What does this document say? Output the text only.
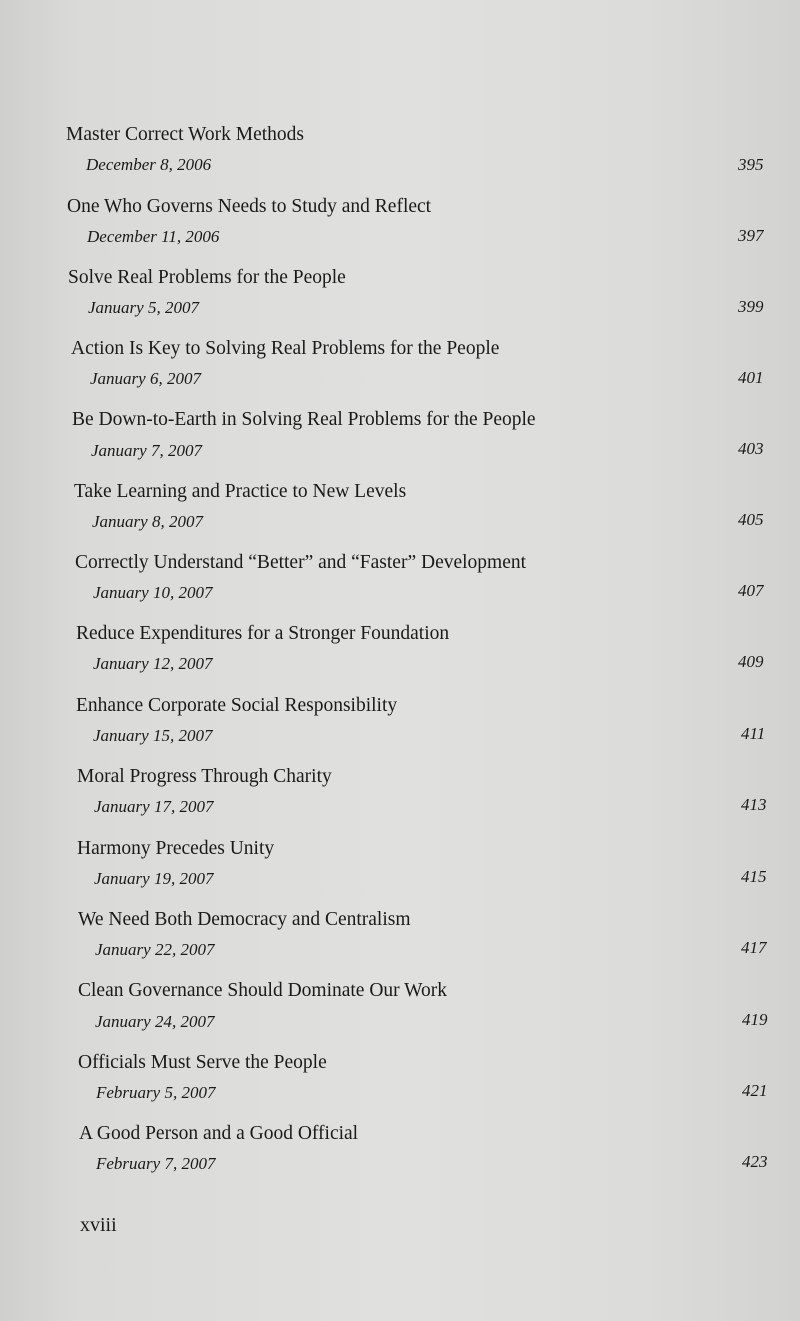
Master Correct Work Methods
December 8, 2006	395
One Who Governs Needs to Study and Reflect
December 11, 2006	397
Solve Real Problems for the People
January 5, 2007	399
Action Is Key to Solving Real Problems for the People
January 6, 2007	401
Be Down-to-Earth in Solving Real Problems for the People
January 7, 2007	403
Take Learning and Practice to New Levels
January 8, 2007	405
Correctly Understand “Better” and “Faster” Development
January 10, 2007	407
Reduce Expenditures for a Stronger Foundation
January 12, 2007	409
Enhance Corporate Social Responsibility
January 15, 2007	411
Moral Progress Through Charity
January 17, 2007	413
Harmony Precedes Unity
January 19, 2007	415
We Need Both Democracy and Centralism
January 22, 2007	417
Clean Governance Should Dominate Our Work
January 24, 2007	419
Officials Must Serve the People
February 5, 2007	421
A Good Person and a Good Official
February 7, 2007	423
xviii
